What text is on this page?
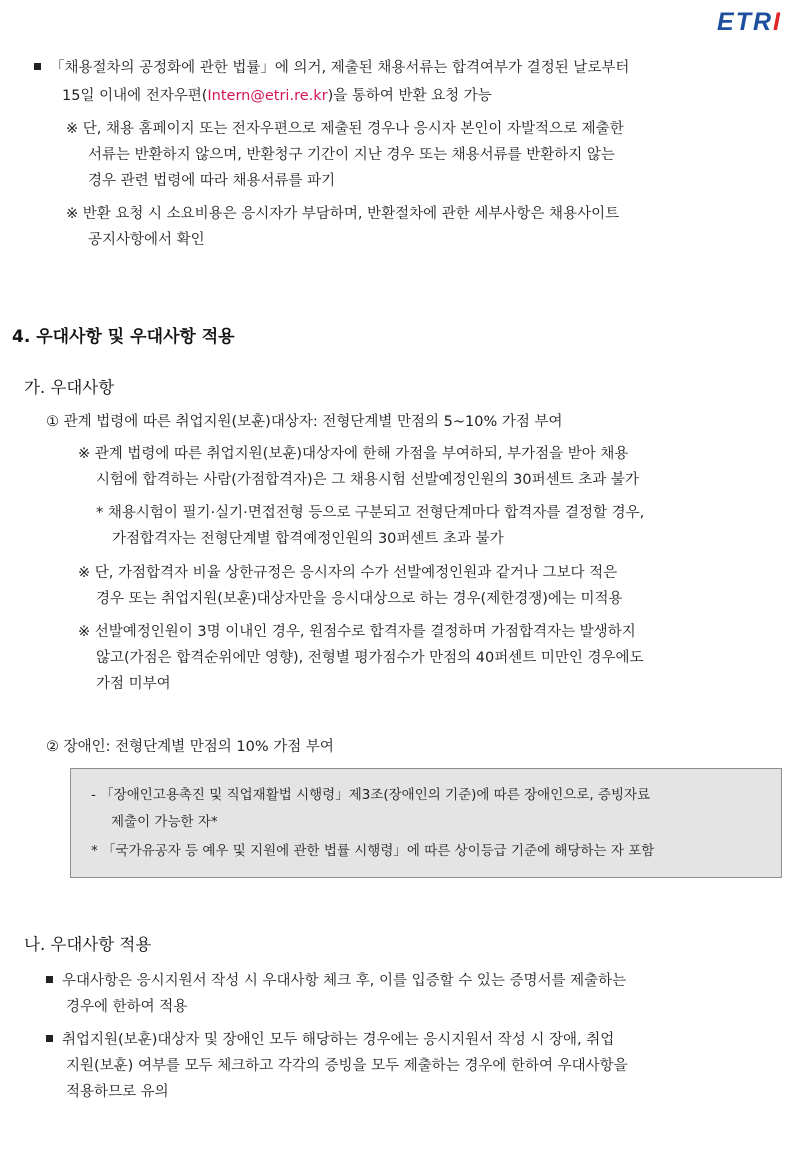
ETRI
「채용절차의 공정화에 관한 법률」에 의거, 제출된 채용서류는 합격여부가 결정된 날로부터
15일 이내에 전자우편(Intern@etri.re.kr)을 통하여 반환 요청 가능
※ 단, 채용 홈페이지 또는 전자우편으로 제출된 경우나 응시자 본인이 자발적으로 제출한
서류는 반환하지 않으며, 반환청구 기간이 지난 경우 또는 채용서류를 반환하지 않는
경우 관련 법령에 따라 채용서류를 파기
※ 반환 요청 시 소요비용은 응시자가 부담하며, 반환절차에 관한 세부사항은 채용사이트
공지사항에서 확인
4. 우대사항 및 우대사항 적용
가. 우대사항
① 관계 법령에 따른 취업지원(보훈)대상자: 전형단계별 만점의 5~10% 가점 부여
※ 관계 법령에 따른 취업지원(보훈)대상자에 한해 가점을 부여하되, 부가점을 받아 채용
시험에 합격하는 사람(가점합격자)은 그 채용시험 선발예정인원의 30퍼센트 초과 불가
* 채용시험이 필기·실기·면접전형 등으로 구분되고 전형단계마다 합격자를 결정할 경우,
가점합격자는 전형단계별 합격예정인원의 30퍼센트 초과 불가
※ 단, 가점합격자 비율 상한규정은 응시자의 수가 선발예정인원과 같거나 그보다 적은
경우 또는 취업지원(보훈)대상자만을 응시대상으로 하는 경우(제한경쟁)에는 미적용
※ 선발예정인원이 3명 이내인 경우, 원점수로 합격자를 결정하며 가점합격자는 발생하지
않고(가점은 합격순위에만 영향), 전형별 평가점수가 만점의 40퍼센트 미만인 경우에도
가점 미부여
② 장애인: 전형단계별 만점의 10% 가점 부여
- 「장애인고용촉진 및 직업재활법 시행령」제3조(장애인의 기준)에 따른 장애인으로, 증빙자료
제출이 가능한 자*
* 「국가유공자 등 예우 및 지원에 관한 법률 시행령」에 따른 상이등급 기준에 해당하는 자 포함
나. 우대사항 적용
우대사항은 응시지원서 작성 시 우대사항 체크 후, 이를 입증할 수 있는 증명서를 제출하는
경우에 한하여 적용
취업지원(보훈)대상자 및 장애인 모두 해당하는 경우에는 응시지원서 작성 시 장애, 취업
지원(보훈) 여부를 모두 체크하고 각각의 증빙을 모두 제출하는 경우에 한하여 우대사항을
적용하므로 유의
